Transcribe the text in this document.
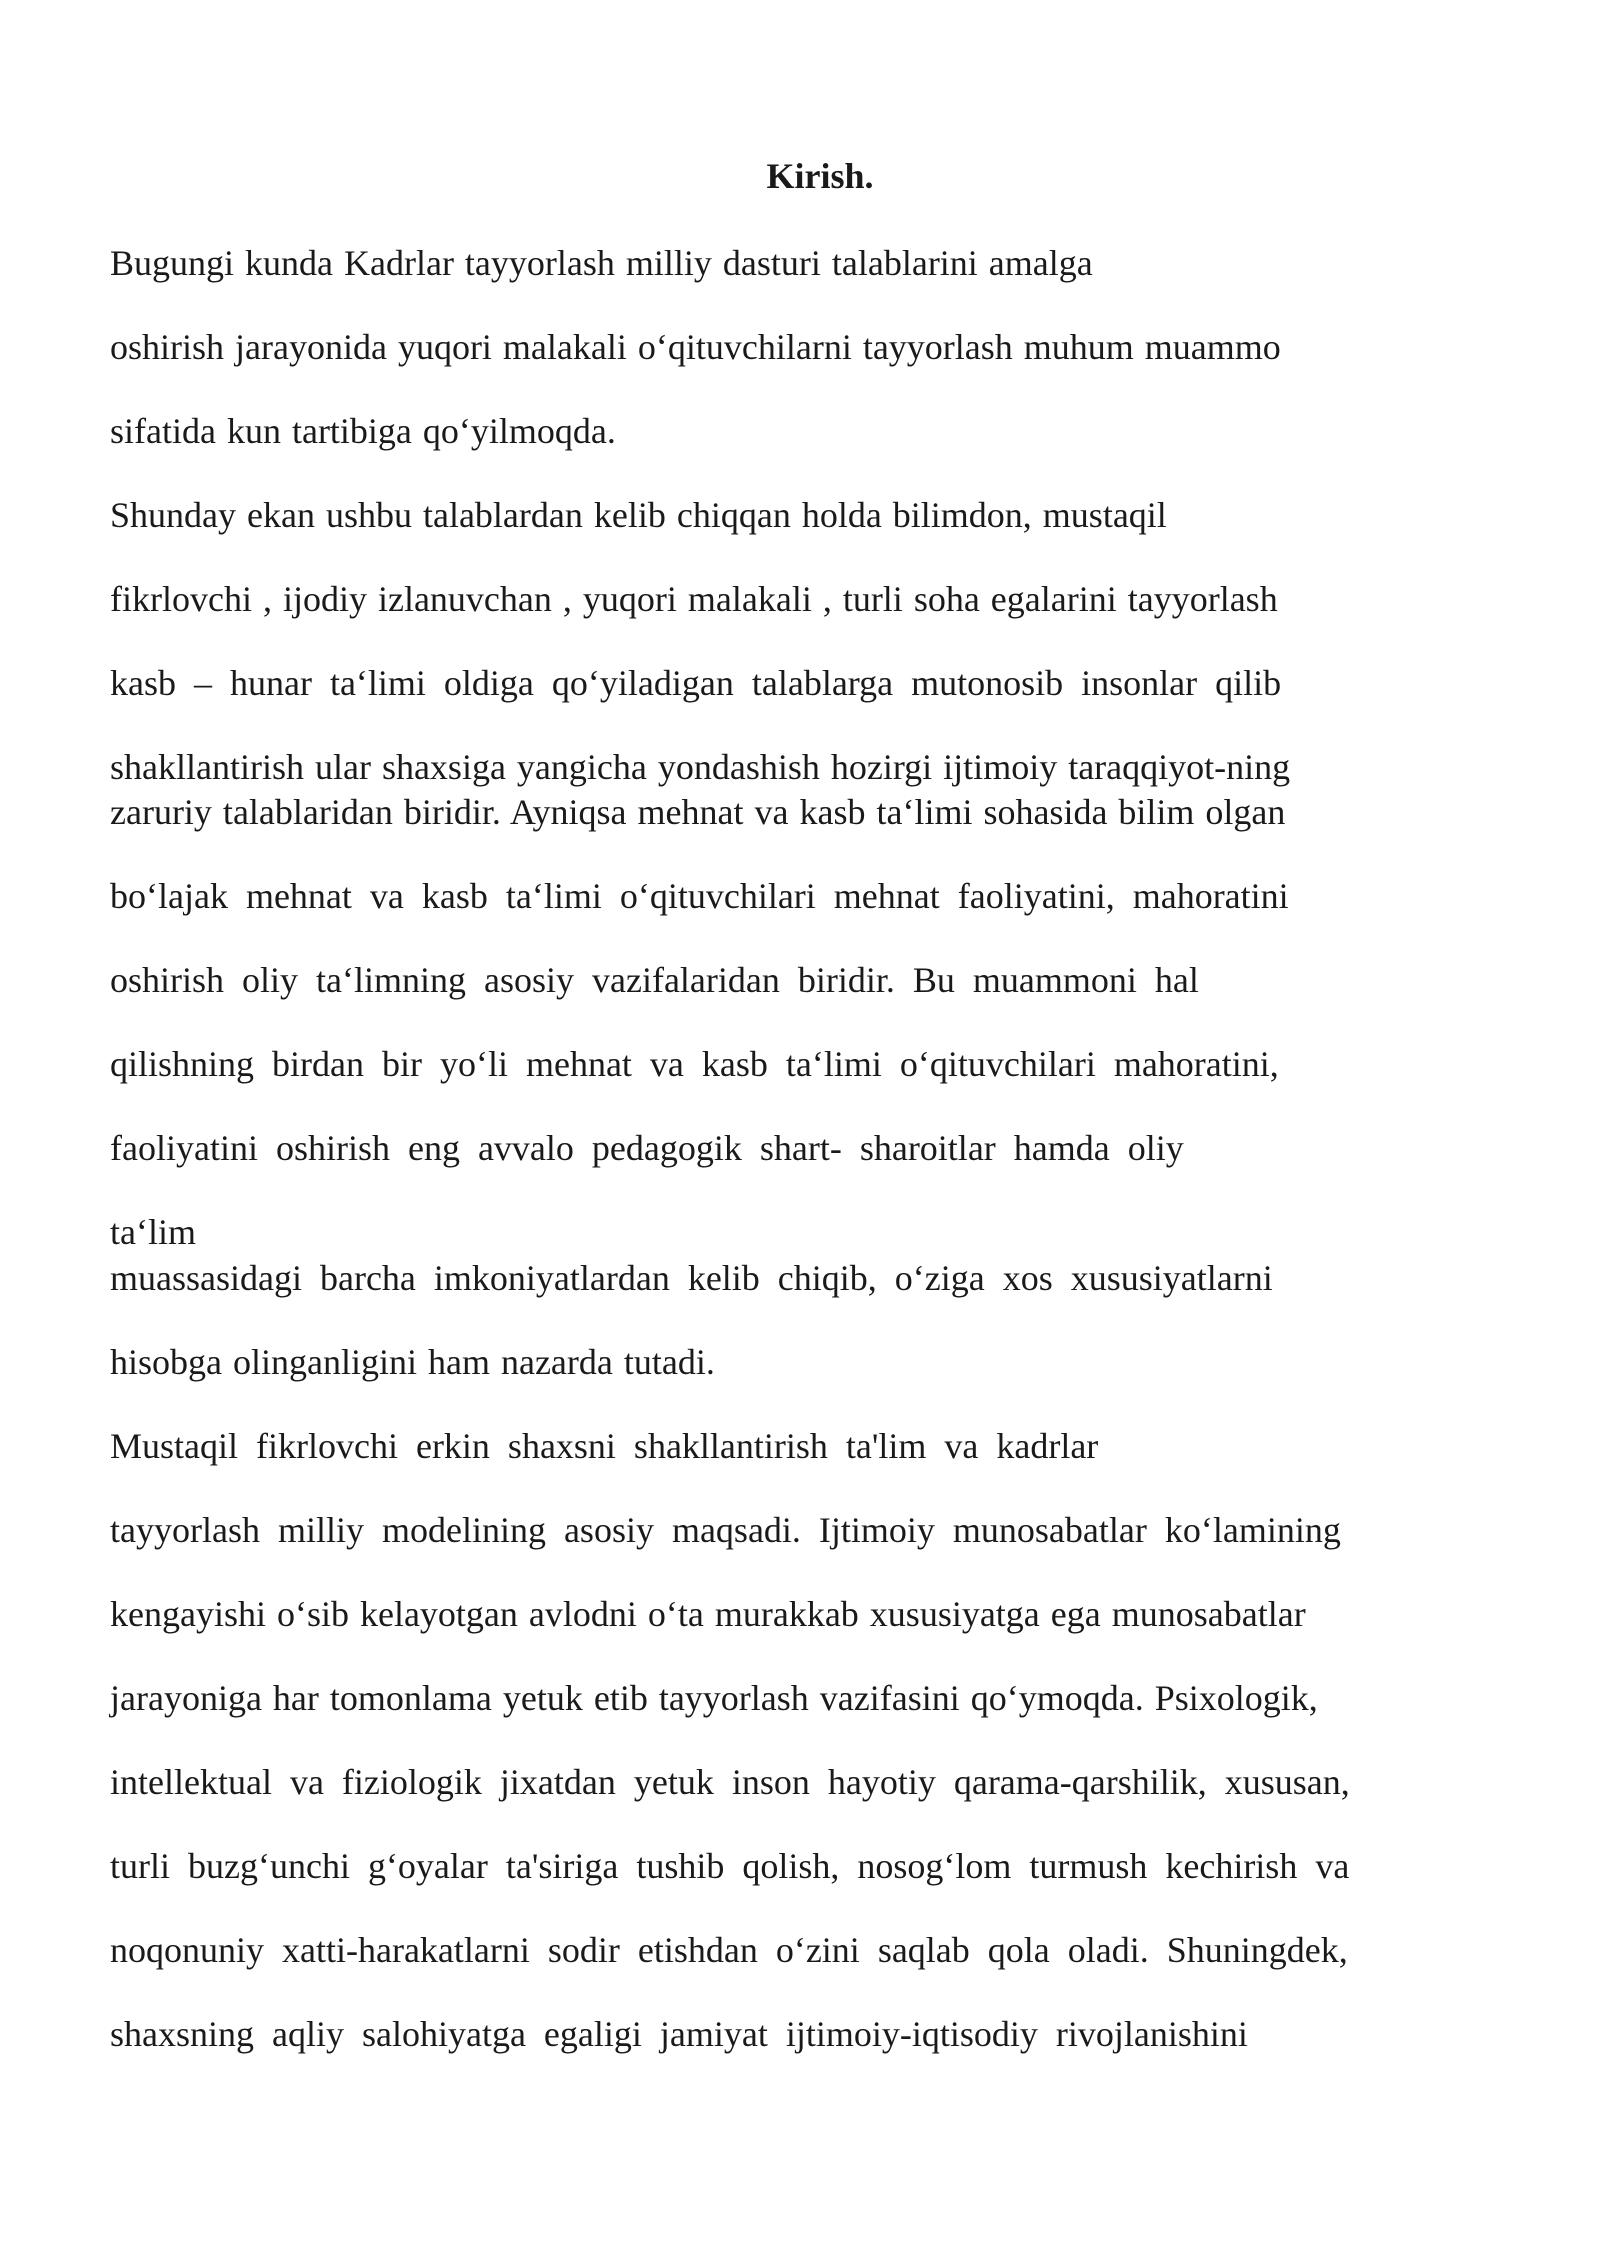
Kirish.
Bugungi kunda Kadrlar tayyorlash milliy dasturi talablarini amalga
oshirish jarayonida yuqori malakali o‘qituvchilarni tayyorlash muhum muammo
sifatida kun tartibiga qo‘yilmoqda.
Shunday ekan ushbu talablardan kelib chiqqan holda bilimdon, mustaqil
fikrlovchi , ijodiy izlanuvchan , yuqori malakali , turli soha egalarini tayyorlash
kasb – hunar ta‘limi oldiga qo‘yiladigan talablarga mutonosib insonlar qilib
shakllantirish ular shaxsiga yangicha yondashish hozirgi ijtimoiy taraqqiyot-ning
zaruriy talablaridan biridir. Ayniqsa mehnat va kasb ta‘limi sohasida bilim olgan
bo‘lajak mehnat va kasb ta‘limi o‘qituvchilari mehnat faoliyatini, mahoratini
oshirish oliy ta‘limning asosiy vazifalaridan biridir. Bu muammoni hal
qilishning birdan bir yo‘li mehnat va kasb ta‘limi o‘qituvchilari mahoratini,
faoliyatini oshirish eng avvalo pedagogik shart- sharoitlar hamda oliy
ta‘lim
muassasidagi barcha imkoniyatlardan kelib chiqib, o‘ziga xos xususiyatlarni
hisobga olinganligini ham nazarda tutadi.
Mustaqil fikrlovchi erkin shaxsni shakllantirish ta'lim va kadrlar
tayyorlash milliy modelining asosiy maqsadi. Ijtimoiy munosabatlar ko‘lamining
kengayishi o‘sib kelayotgan avlodni o‘ta murakkab xususiyatga ega munosabatlar
jarayoniga har tomonlama yetuk etib tayyorlash vazifasini qo‘ymoqda. Psixologik,
intellektual va fiziologik jixatdan yetuk inson hayotiy qarama-qarshilik, xususan,
turli buzg‘unchi g‘oyalar ta'siriga tushib qolish, nosog‘lom turmush kechirish va
noqonuniy xatti-harakatlarni sodir etishdan o‘zini saqlab qola oladi. Shuningdek,
shaxsning aqliy salohiyatga egaligi jamiyat ijtimoiy-iqtisodiy rivojlanishini
